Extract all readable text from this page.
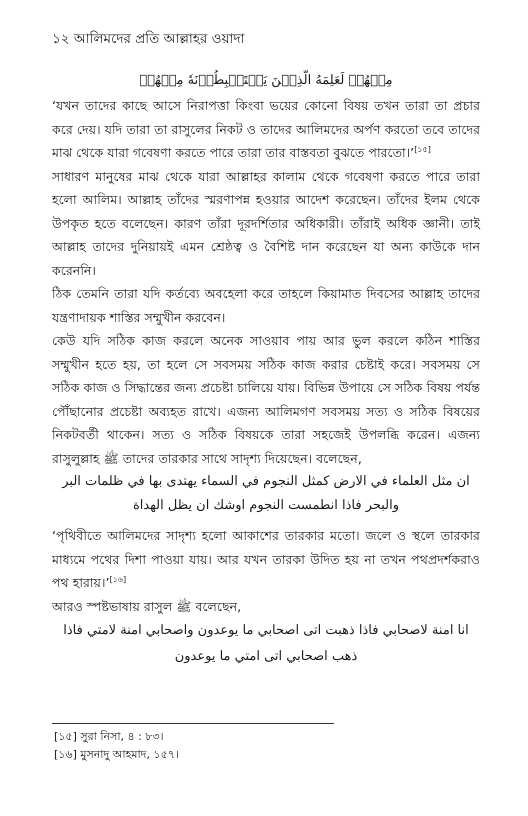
১২ আলিমদের প্রতি আল্লাহর ওয়াদা
مِنۡهُمۡ لَعَلِمَهُ الَّذِيۡنَ يَسۡتَنۡبِطُوۡنَهٗ مِنۡهُمۡ

‘যখন তাদের কাছে আসে নিরাপত্তা কিংবা ভয়ের কোনো বিষয় তখন তারা তা প্রচার করে দেয়। যদি তারা তা রাসুলের নিকট ও তাদের আলিমদের অর্পণ করতো তবে তাদের মাঝ থেকে যারা গবেষণা করতে পারে তারা তার বাস্তবতা বুঝতে পারতো।’[১৫]

সাধারণ মানুষের মাঝ থেকে যারা আল্লাহর কালাম থেকে গবেষণা করতে পারে তারা হলো আলিম। আল্লাহ তাঁদের স্মরণাপন্ন হওয়ার আদেশ করেছেন। তাঁদের ইলম থেকে উপকৃত হতে বলেছেন। কারণ তাঁরা দূরদর্শিতার অধিকারী। তাঁরাই অধিক জ্ঞানী। তাই আল্লাহ তাদের দুনিয়ায়ই এমন শ্রেষ্ঠত্ব ও বৈশিষ্ট দান করেছেন যা অন্য কাউকে দান করেননি।

ঠিক তেমনি তারা যদি কর্তব্যে অবহেলা করে তাহলে কিয়ামাত দিবসের আল্লাহ তাদের যন্ত্রণাদায়ক শাস্তির সম্মুখীন করবেন।

কেউ যদি সঠিক কাজ করলে অনেক সাওয়াব পায় আর ভুল করলে কঠিন শাস্তির সম্মুখীন হতে হয়, তা হলে সে সবসময় সঠিক কাজ করার চেষ্টাই করে। সবসময় সে সঠিক কাজ ও সিদ্ধান্তের জন্য প্রচেষ্টা চালিয়ে যায়। বিভিন্ন উপায়ে সে সঠিক বিষয় পর্যন্ত পৌঁছানোর প্রচেষ্টা অব্যহত রাখে। এজন্য আলিমগণ সবসময় সত্য ও সঠিক বিষয়ের নিকটবর্তী থাকেন। সত্য ও সঠিক বিষয়কে তারা সহজেই উপলব্ধি করেন। এজন্য রাসুলুল্লাহ ﷺ তাদের তারকার সাথে সাদৃশ্য দিয়েছেন। বলেছেন,

ان مثل العلماء في الارض كمثل النجوم في السماء يهتدى بها في ظلمات البر والبحر فاذا انطمست النجوم اوشك ان يظل الهداة

‘পৃথিবীতে আলিমদের সাদৃশ্য হলো আকাশের তারকার মতো। জলে ও স্থলে তারকার মাধ্যমে পথের দিশা পাওয়া যায়। আর যখন তারকা উদিত হয় না তখন পথপ্রদর্শকরাও পথ হারায়।’[১৬]

আরও স্পষ্টভাষায় রাসুল ﷺ বলেছেন,

انا امنة لاصحابي فاذا ذهبت اتى اصحابي ما يوعدون واصحابي امنة لامتي فاذا ذهب اصحابي اتى امتي ما يوعدون
[১৫] সুরা নিসা, ৪ : ৮৩।
[১৬] মুসনাদু আহমাদ, ১৫৭।
